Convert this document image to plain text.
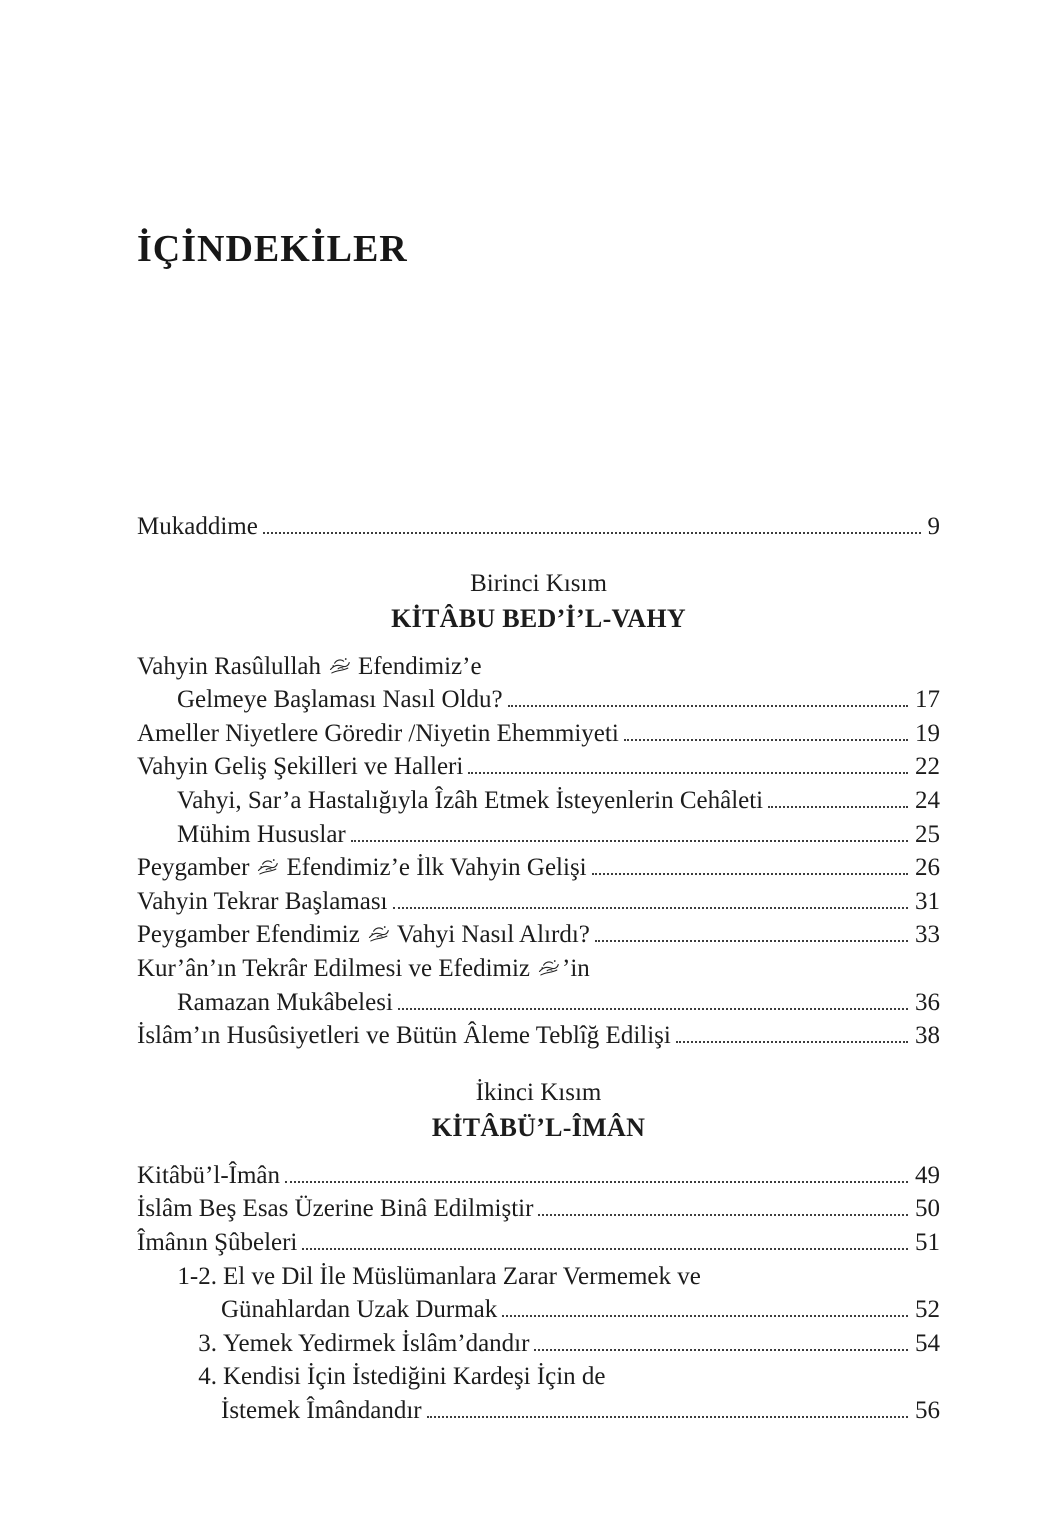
İÇİNDEKİLER
Mukaddime	9
Birinci Kısım
KİTÂBU BED’İ’L-VAHY
Vahyin Rasûlullah Efendimiz’e
Gelmeye Başlaması Nasıl Oldu?	17
Ameller Niyetlere Göredir /Niyetin Ehemmiyeti	19
Vahyin Geliş Şekilleri ve Halleri	22
Vahyi, Sar’a Hastalığıyla Îzâh Etmek İsteyenlerin Cehâleti	24
Mühim Hususlar	25
Peygamber Efendimiz’e İlk Vahyin Gelişi	26
Vahyin Tekrar Başlaması	31
Peygamber Efendimiz Vahyi Nasıl Alırdı?	33
Kur’ân’ın Tekrâr Edilmesi ve Efedimiz ’in
Ramazan Mukâbelesi	36
İslâm’ın Husûsiyetleri ve Bütün Âleme Teblîğ Edilişi	38
İkinci Kısım
KİTÂBÜ’L-ÎMÂN
Kitâbü’l-Îmân	49
İslâm Beş Esas Üzerine Binâ Edilmiştir	50
Îmânın Şûbeleri	51
1-2. El ve Dil İle Müslümanlara Zarar Vermemek ve
Günahlardan Uzak Durmak	52
3. Yemek Yedirmek İslâm’dandır	54
4. Kendisi İçin İstediğini Kardeşi İçin de
İstemek Îmândandır	56
